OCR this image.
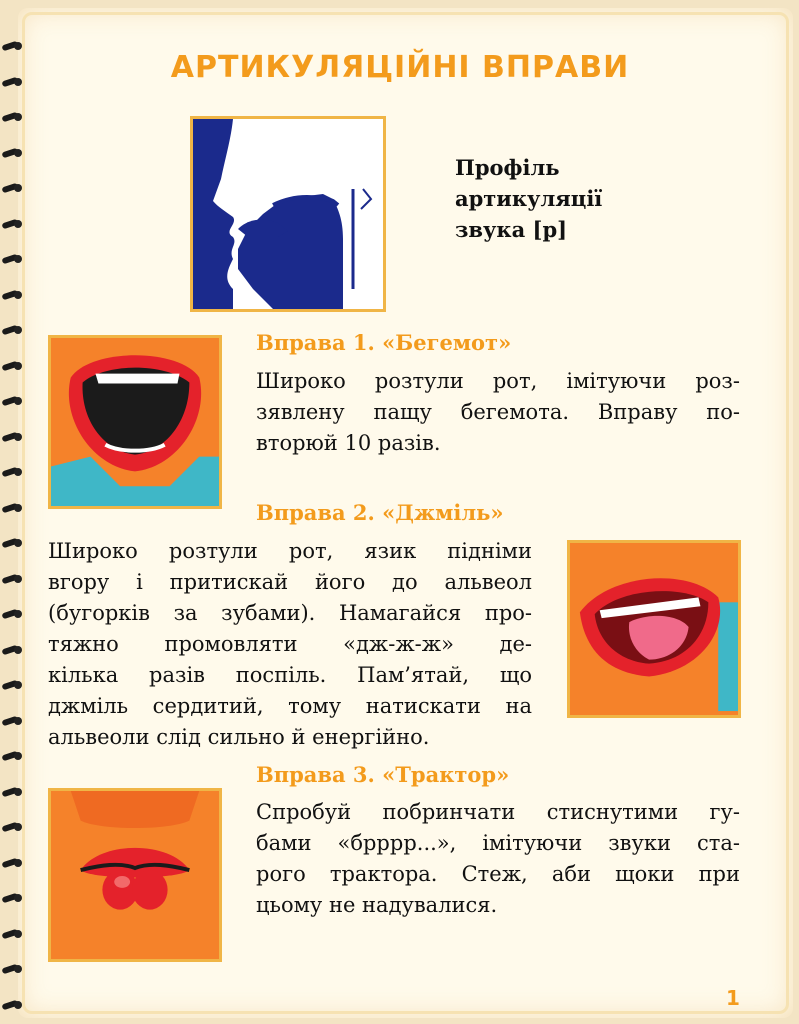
АРТИКУЛЯЦІЙНІ ВПРАВИ
Профіль
артикуляції
звука [р]
Вправа 1. «Бегемот»
Широко розтули рот, імітуючи роз-
зявлену пащу бегемота. Вправу по-
вторюй 10 разів.
Вправа 2. «Джміль»
Широко розтули рот, язик підніми
вгору і притискай його до альвеол
(бугорків за зубами). Намагайся про-
тяжно промовляти «дж-ж-ж» де-
кілька разів поспіль. Пам’ятай, що
джміль сердитий, тому натискати на
альвеоли слід сильно й енергійно.
Вправа 3. «Трактор»
Спробуй побринчати стиснутими гу-
бами «брррр...», імітуючи звуки ста-
рого трактора. Стеж, аби щоки при
цьому не надувалися.
1
